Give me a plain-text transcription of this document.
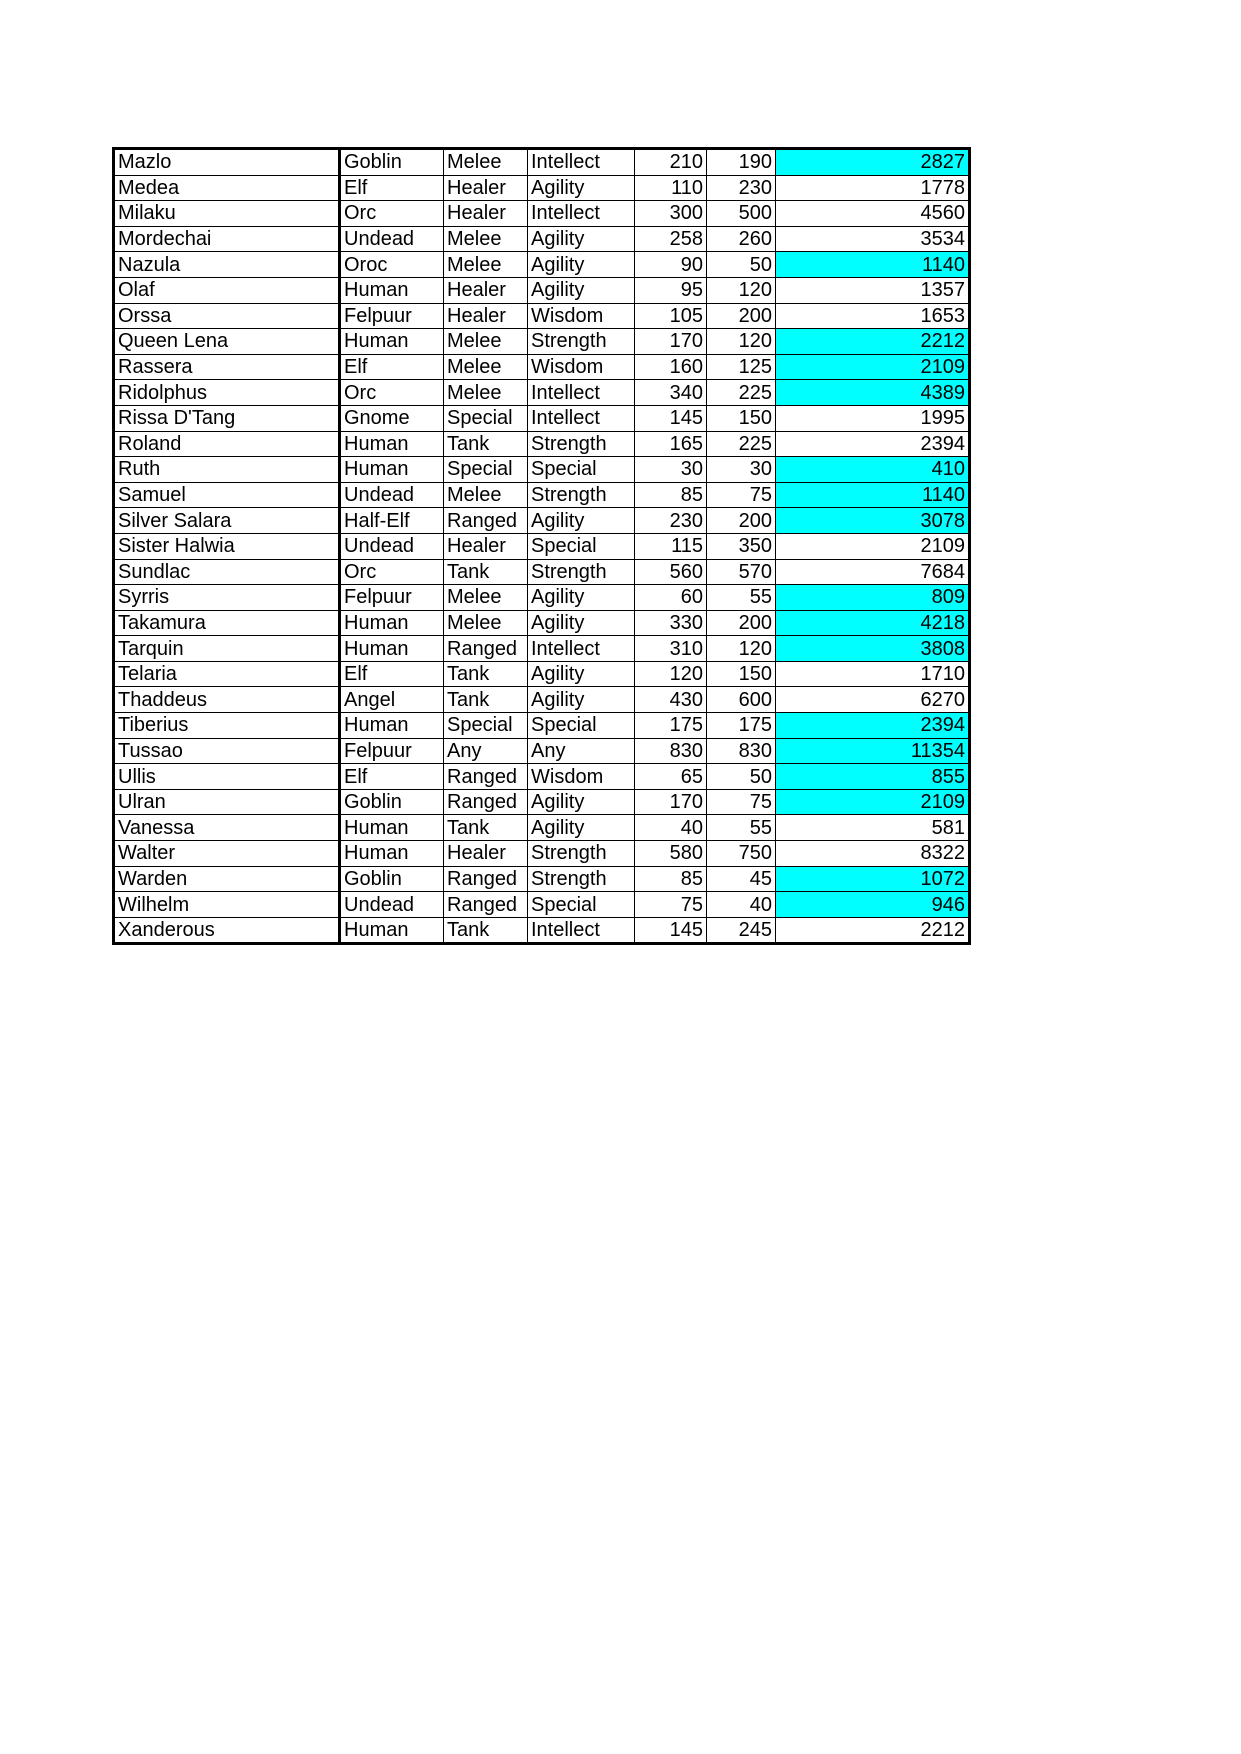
Mazlo	Goblin	Melee	Intellect	210	190	2827
Medea	Elf	Healer	Agility	110	230	1778
Milaku	Orc	Healer	Intellect	300	500	4560
Mordechai	Undead	Melee	Agility	258	260	3534
Nazula	Oroc	Melee	Agility	90	50	1140
Olaf	Human	Healer	Agility	95	120	1357
Orssa	Felpuur	Healer	Wisdom	105	200	1653
Queen Lena	Human	Melee	Strength	170	120	2212
Rassera	Elf	Melee	Wisdom	160	125	2109
Ridolphus	Orc	Melee	Intellect	340	225	4389
Rissa D'Tang	Gnome	Special	Intellect	145	150	1995
Roland	Human	Tank	Strength	165	225	2394
Ruth	Human	Special	Special	30	30	410
Samuel	Undead	Melee	Strength	85	75	1140
Silver Salara	Half-Elf	Ranged	Agility	230	200	3078
Sister Halwia	Undead	Healer	Special	115	350	2109
Sundlac	Orc	Tank	Strength	560	570	7684
Syrris	Felpuur	Melee	Agility	60	55	809
Takamura	Human	Melee	Agility	330	200	4218
Tarquin	Human	Ranged	Intellect	310	120	3808
Telaria	Elf	Tank	Agility	120	150	1710
Thaddeus	Angel	Tank	Agility	430	600	6270
Tiberius	Human	Special	Special	175	175	2394
Tussao	Felpuur	Any	Any	830	830	11354
Ullis	Elf	Ranged	Wisdom	65	50	855
Ulran	Goblin	Ranged	Agility	170	75	2109
Vanessa	Human	Tank	Agility	40	55	581
Walter	Human	Healer	Strength	580	750	8322
Warden	Goblin	Ranged	Strength	85	45	1072
Wilhelm	Undead	Ranged	Special	75	40	946
Xanderous	Human	Tank	Intellect	145	245	2212
